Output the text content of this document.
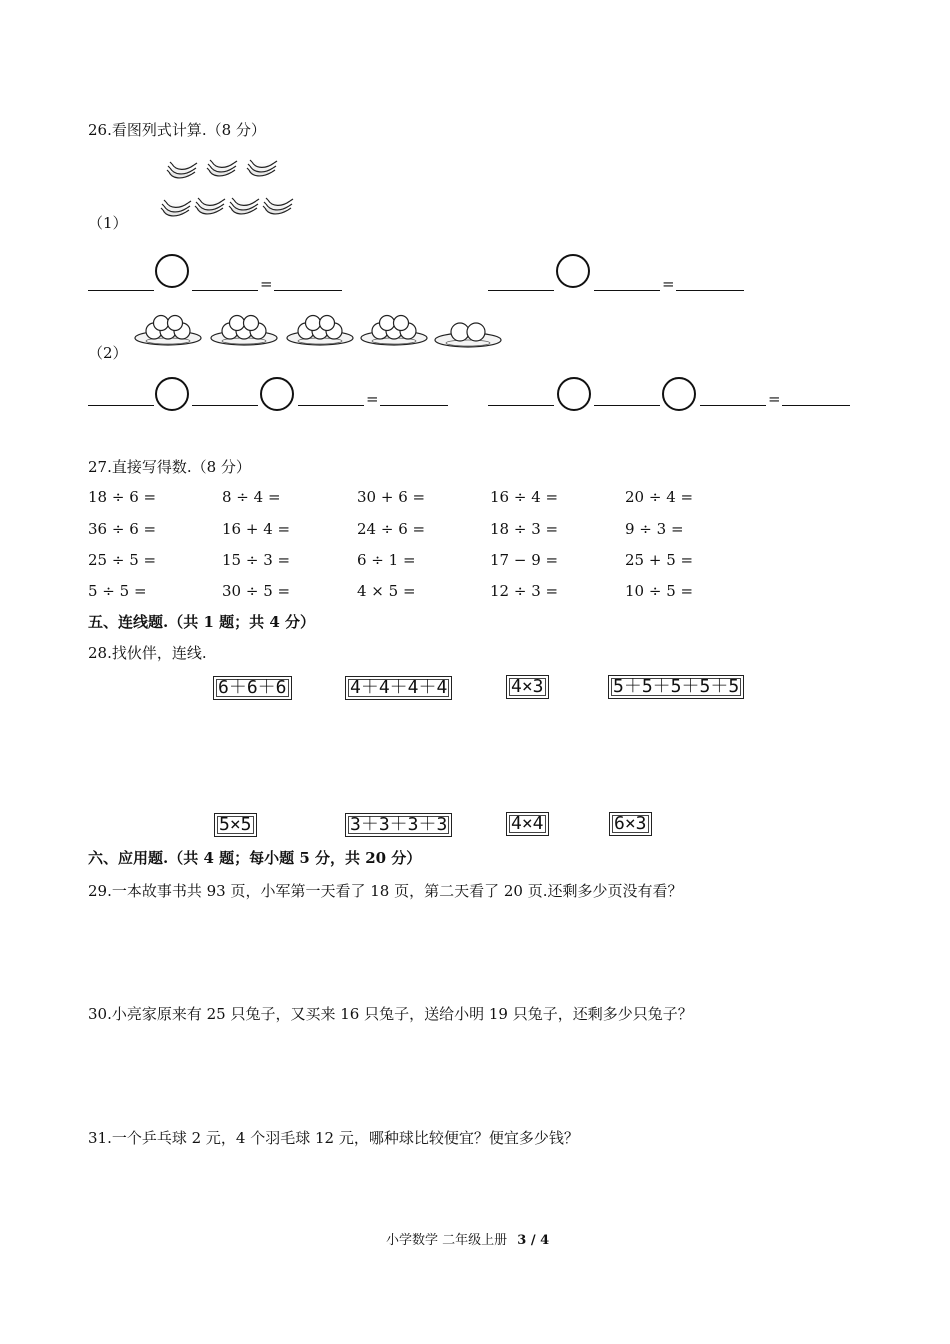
26.看图列式计算.（8 分）
（1）
=	=
（2）
=	=
27.直接写得数.（8 分）
18 ÷ 6 =	8 ÷ 4 =	30 + 6 =	16 ÷ 4 =	20 ÷ 4 =
36 ÷ 6 =	16 + 4 =	24 ÷ 6 =	18 ÷ 3 =	9 ÷ 3 =
25 ÷ 5 =	15 ÷ 3 =	6 ÷ 1 =	17 − 9 =	25 + 5 =
5 ÷ 5 =	30 ÷ 5 =	4 × 5 =	12 ÷ 3 =	10 ÷ 5 =
五、连线题.（共 1 题；共 4 分）
28.找伙伴，连线.
6＋6＋6	4＋4＋4＋4	4×3	5＋5＋5＋5＋5
5×5	3＋3＋3＋3	4×4	6×3
六、应用题.（共 4 题；每小题 5 分，共 20 分）
29.一本故事书共 93 页，小军第一天看了 18 页，第二天看了 20 页.还剩多少页没有看？
30.小亮家原来有 25 只兔子，又买来 16 只兔子，送给小明 19 只兔子，还剩多少只兔子？
31.一个乒乓球 2 元，4 个羽毛球 12 元，哪种球比较便宜？便宜多少钱？
小学数学 二年级上册 3 / 4
